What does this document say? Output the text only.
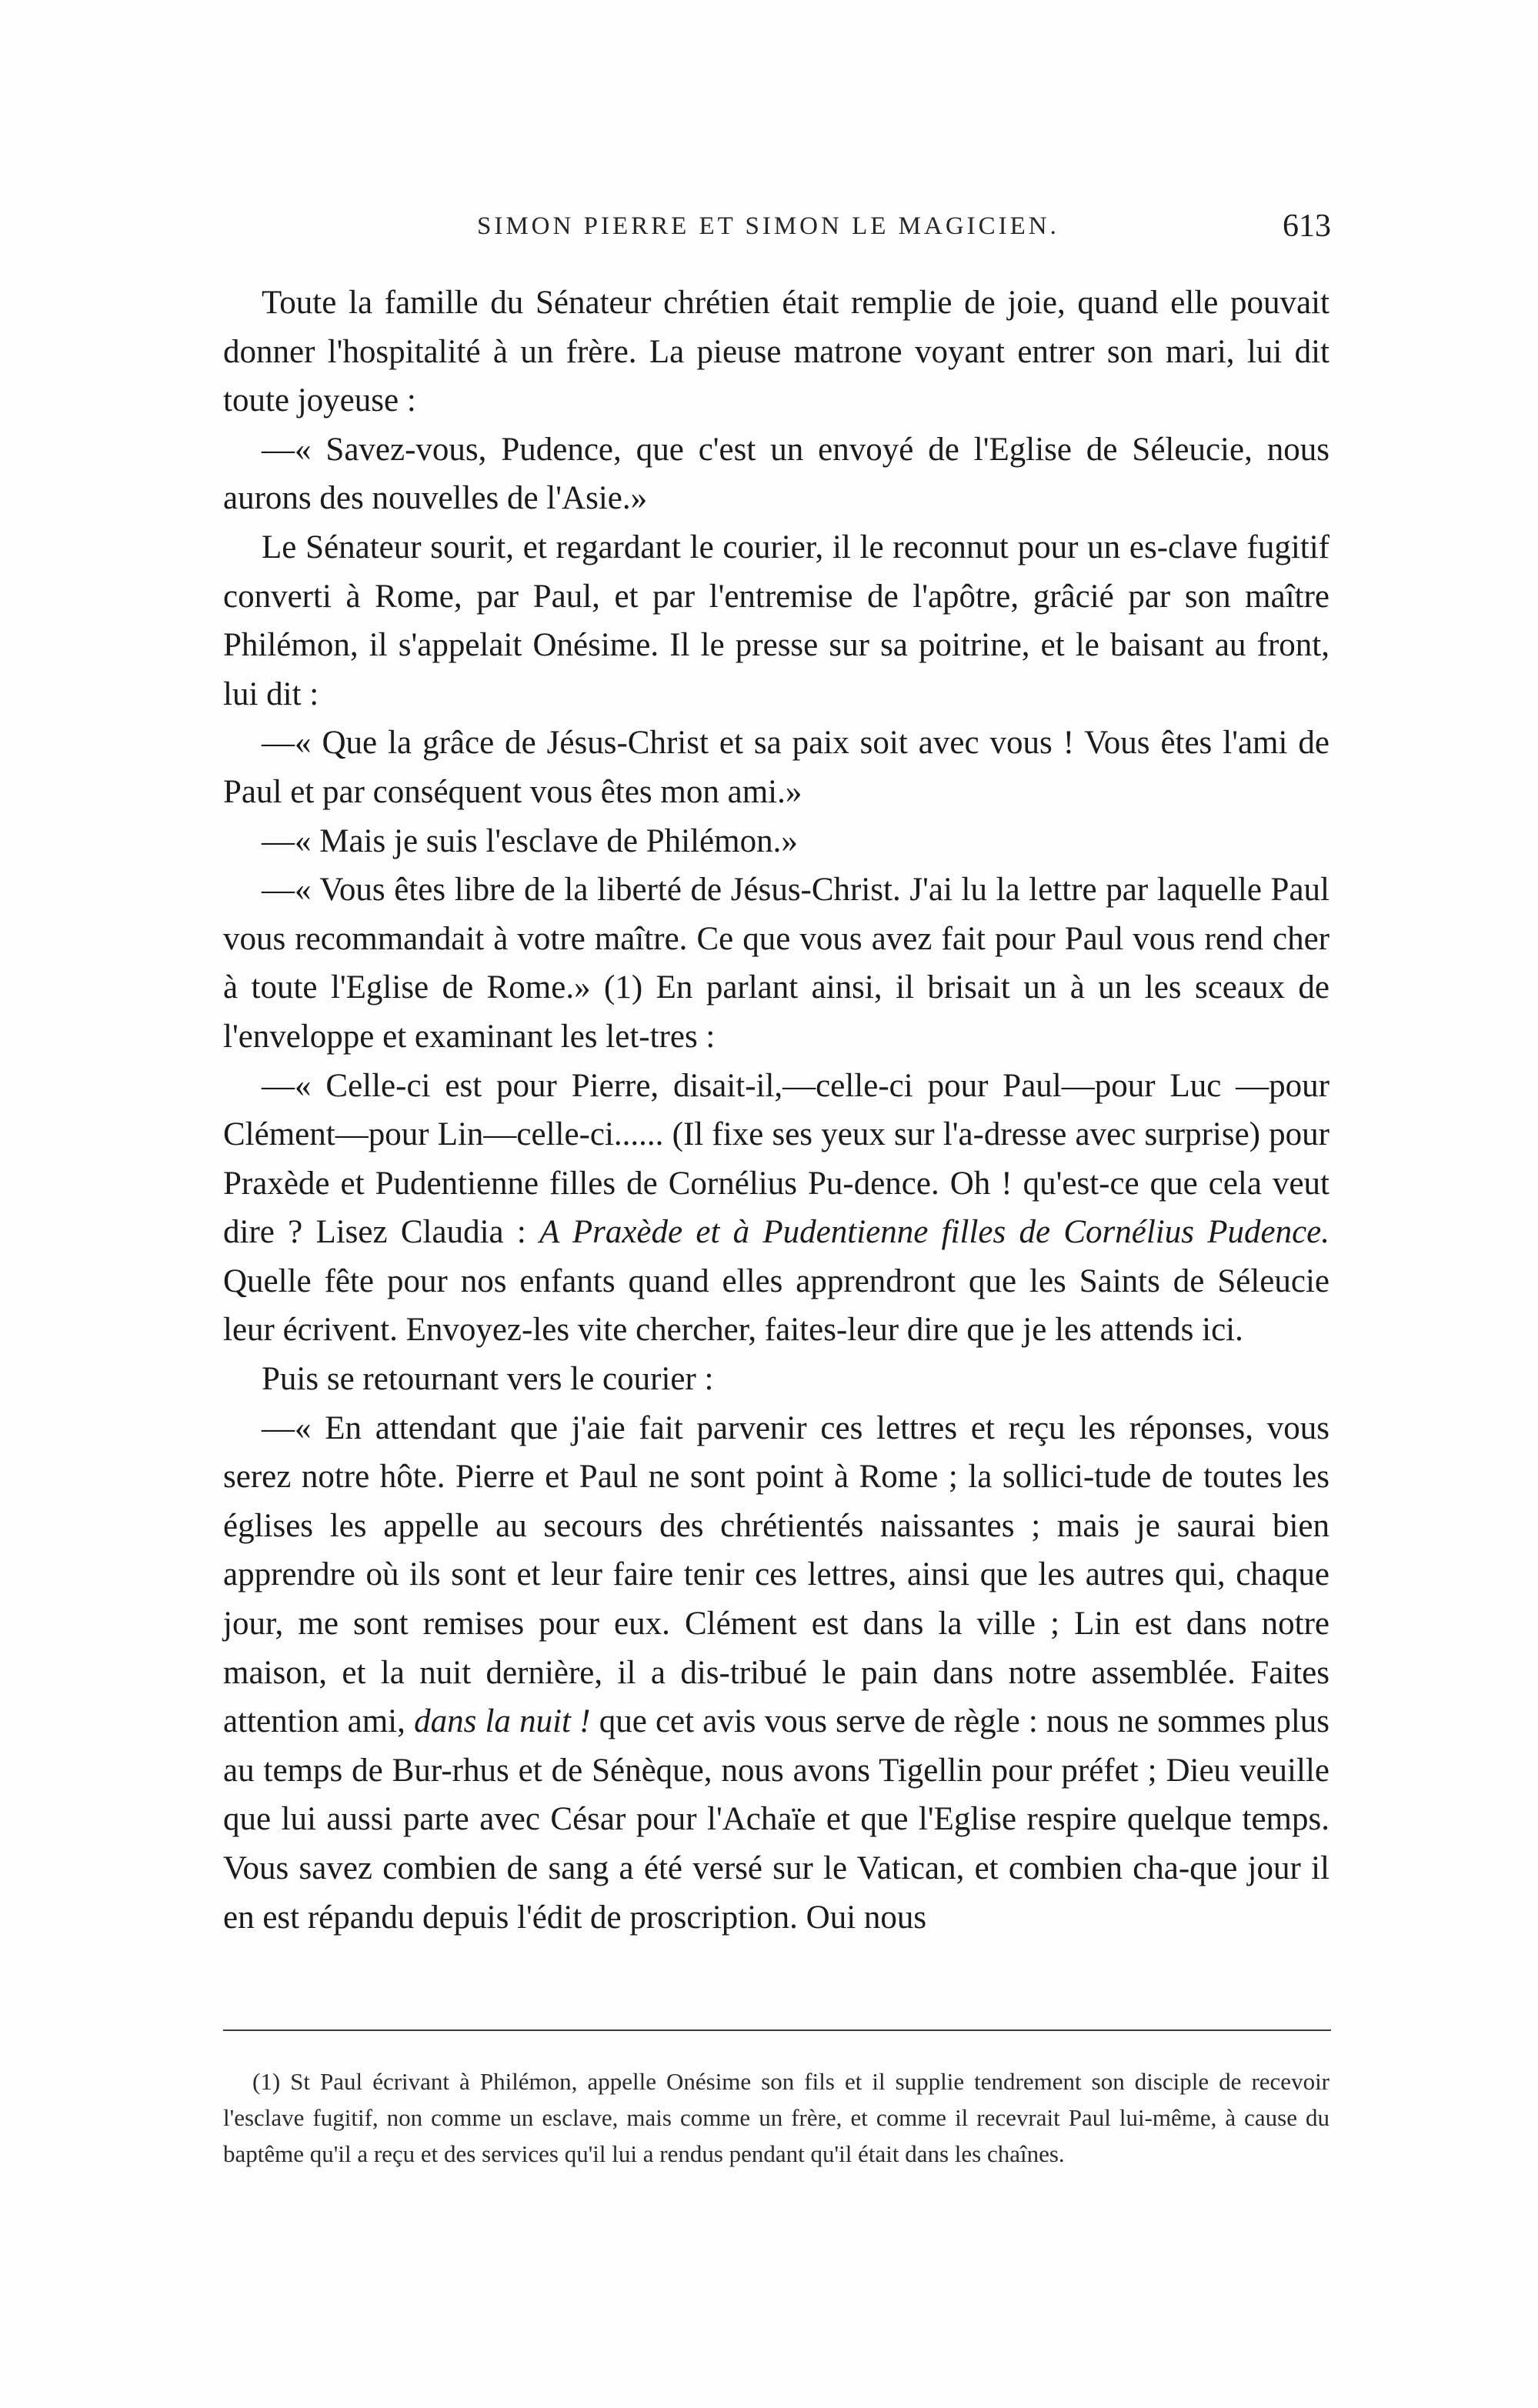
SIMON PIERRE ET SIMON LE MAGICIEN.	613

Toute la famille du Sénateur chrétien était remplie de joie, quand elle pouvait donner l'hospitalité à un frère. La pieuse matrone voyant entrer son mari, lui dit toute joyeuse :

—« Savez-vous, Pudence, que c'est un envoyé de l'Eglise de Séleucie, nous aurons des nouvelles de l'Asie.»

Le Sénateur sourit, et regardant le courier, il le reconnut pour un es-clave fugitif converti à Rome, par Paul, et par l'entremise de l'apôtre, grâcié par son maître Philémon, il s'appelait Onésime. Il le presse sur sa poitrine, et le baisant au front, lui dit :

—« Que la grâce de Jésus-Christ et sa paix soit avec vous ! Vous êtes l'ami de Paul et par conséquent vous êtes mon ami.»

—« Mais je suis l'esclave de Philémon.»

—« Vous êtes libre de la liberté de Jésus-Christ. J'ai lu la lettre par laquelle Paul vous recommandait à votre maître. Ce que vous avez fait pour Paul vous rend cher à toute l'Eglise de Rome.» (1) En parlant ainsi, il brisait un à un les sceaux de l'enveloppe et examinant les let-tres :

—« Celle-ci est pour Pierre, disait-il,—celle-ci pour Paul—pour Luc —pour Clément—pour Lin—celle-ci...... (Il fixe ses yeux sur l'a-dresse avec surprise) pour Praxède et Pudentienne filles de Cornélius Pu-dence. Oh ! qu'est-ce que cela veut dire ? Lisez Claudia : A Praxède et à Pudentienne filles de Cornélius Pudence. Quelle fête pour nos enfants quand elles apprendront que les Saints de Séleucie leur écrivent. Envoyez-les vite chercher, faites-leur dire que je les attends ici.

Puis se retournant vers le courier :

—« En attendant que j'aie fait parvenir ces lettres et reçu les réponses, vous serez notre hôte. Pierre et Paul ne sont point à Rome ; la sollici-tude de toutes les églises les appelle au secours des chrétientés naissantes ; mais je saurai bien apprendre où ils sont et leur faire tenir ces lettres, ainsi que les autres qui, chaque jour, me sont remises pour eux. Clément est dans la ville ; Lin est dans notre maison, et la nuit dernière, il a dis-tribué le pain dans notre assemblée. Faites attention ami, dans la nuit ! que cet avis vous serve de règle : nous ne sommes plus au temps de Bur-rhus et de Sénèque, nous avons Tigellin pour préfet ; Dieu veuille que lui aussi parte avec César pour l'Achaïe et que l'Eglise respire quelque temps. Vous savez combien de sang a été versé sur le Vatican, et combien cha-que jour il en est répandu depuis l'édit de proscription. Oui nous

(1) St Paul écrivant à Philémon, appelle Onésime son fils et il supplie tendrement son disciple de recevoir l'esclave fugitif, non comme un esclave, mais comme un frère, et comme il recevrait Paul lui-même, à cause du baptême qu'il a reçu et des services qu'il lui a rendus pendant qu'il était dans les chaînes.
